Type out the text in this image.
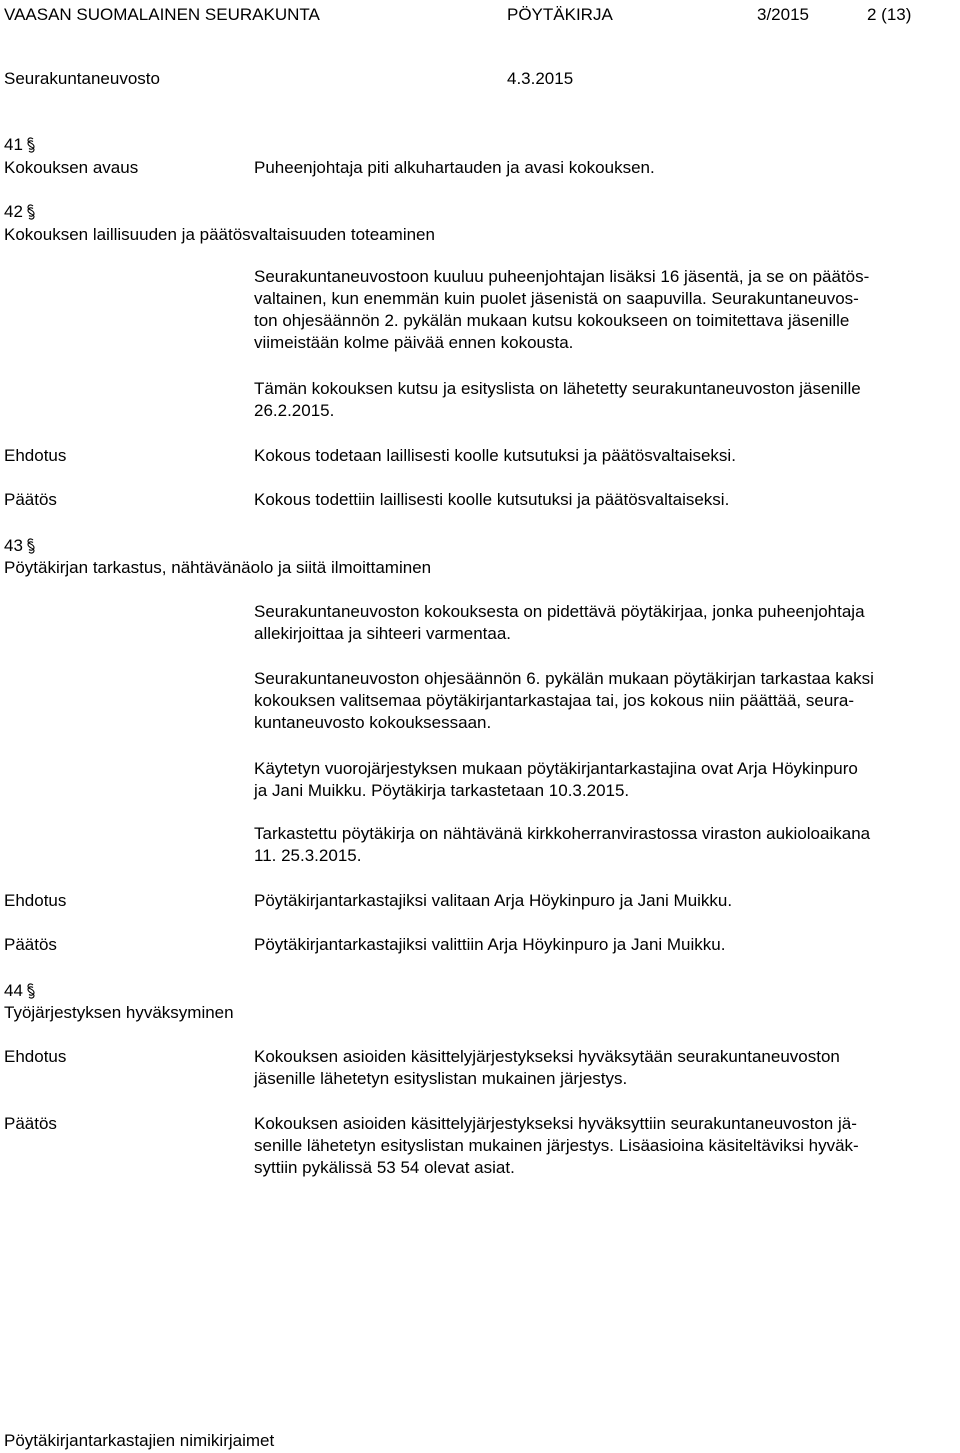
VAASAN SUOMALAINEN SEURAKUNTA	PÖYTÄKIRJA	3/2015	2 (13)
Seurakuntaneuvosto	4.3.2015
41
Kokouksen avaus	Puheenjohtaja piti alkuhartauden ja avasi kokouksen.
42
Kokouksen laillisuuden ja päätösvaltaisuuden toteaminen
Seurakuntaneuvostoon kuuluu puheenjohtajan lisäksi 16 jäsentä, ja se on päätös-
valtainen, kun enemmän kuin puolet jäsenistä on saapuvilla. Seurakuntaneuvos-
ton ohjesäännön 2. pykälän mukaan kutsu kokoukseen on toimitettava jäsenille
viimeistään kolme päivää ennen kokousta.
Tämän kokouksen kutsu ja esityslista on lähetetty seurakuntaneuvoston jäsenille
26.2.2015.
Ehdotus	Kokous todetaan laillisesti koolle kutsutuksi ja päätösvaltaiseksi.
Päätös	Kokous todettiin laillisesti koolle kutsutuksi ja päätösvaltaiseksi.
43
Pöytäkirjan tarkastus, nähtävänäolo ja siitä ilmoittaminen
Seurakuntaneuvoston kokouksesta on pidettävä pöytäkirjaa, jonka puheenjohtaja
allekirjoittaa ja sihteeri varmentaa.
Seurakuntaneuvoston ohjesäännön 6. pykälän mukaan pöytäkirjan tarkastaa kaksi
kokouksen valitsemaa pöytäkirjantarkastajaa tai, jos kokous niin päättää, seura-
kuntaneuvosto kokouksessaan.
Käytetyn vuorojärjestyksen mukaan pöytäkirjantarkastajina ovat Arja Höykinpuro
ja Jani Muikku. Pöytäkirja tarkastetaan 10.3.2015.
Tarkastettu pöytäkirja on nähtävänä kirkkoherranvirastossa viraston aukioloaikana
11. 25.3.2015.
Ehdotus	Pöytäkirjantarkastajiksi valitaan Arja Höykinpuro ja Jani Muikku.
Päätös	Pöytäkirjantarkastajiksi valittiin Arja Höykinpuro ja Jani Muikku.
44
Työjärjestyksen hyväksyminen
Ehdotus	Kokouksen asioiden käsittelyjärjestykseksi hyväksytään seurakuntaneuvoston
jäsenille lähetetyn esityslistan mukainen järjestys.
Päätös	Kokouksen asioiden käsittelyjärjestykseksi hyväksyttiin seurakuntaneuvoston jä-
senille lähetetyn esityslistan mukainen järjestys. Lisäasioina käsiteltäviksi hyväk-
syttiin pykälissä 53 54 olevat asiat.
Pöytäkirjantarkastajien nimikirjaimet
